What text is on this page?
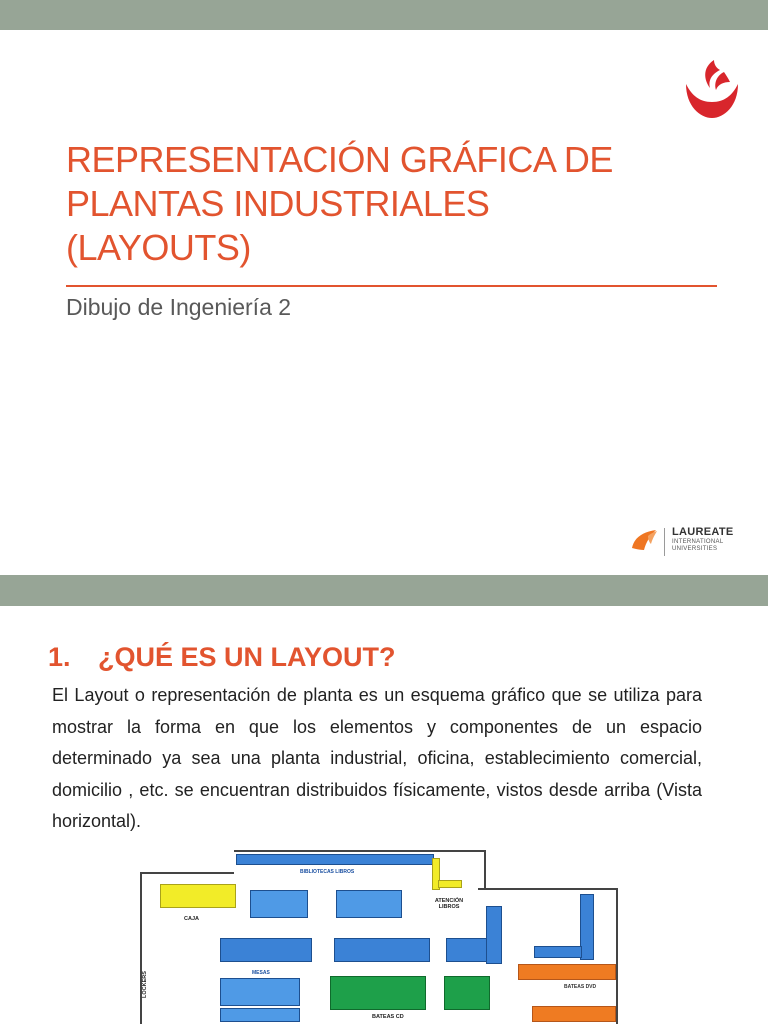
REPRESENTACIÓN GRÁFICA DE
PLANTAS INDUSTRIALES
(LAYOUTS)
Dibujo de Ingeniería 2
LAUREATE
INTERNATIONAL
UNIVERSITIES
1. ¿QUÉ ES UN LAYOUT?
El Layout o representación de planta es un esquema gráfico que se utiliza para mostrar la forma en que los elementos y componentes de un espacio determinado ya sea una planta industrial, oficina, establecimiento comercial, domicilio , etc. se encuentran distribuidos físicamente, vistos desde arriba (Vista horizontal).
BIBLIOTECAS LIBROS
ATENCIÓN LIBROS
CAJA
MESAS
BATEAS DVD
BATEAS CD
LOCKERS
